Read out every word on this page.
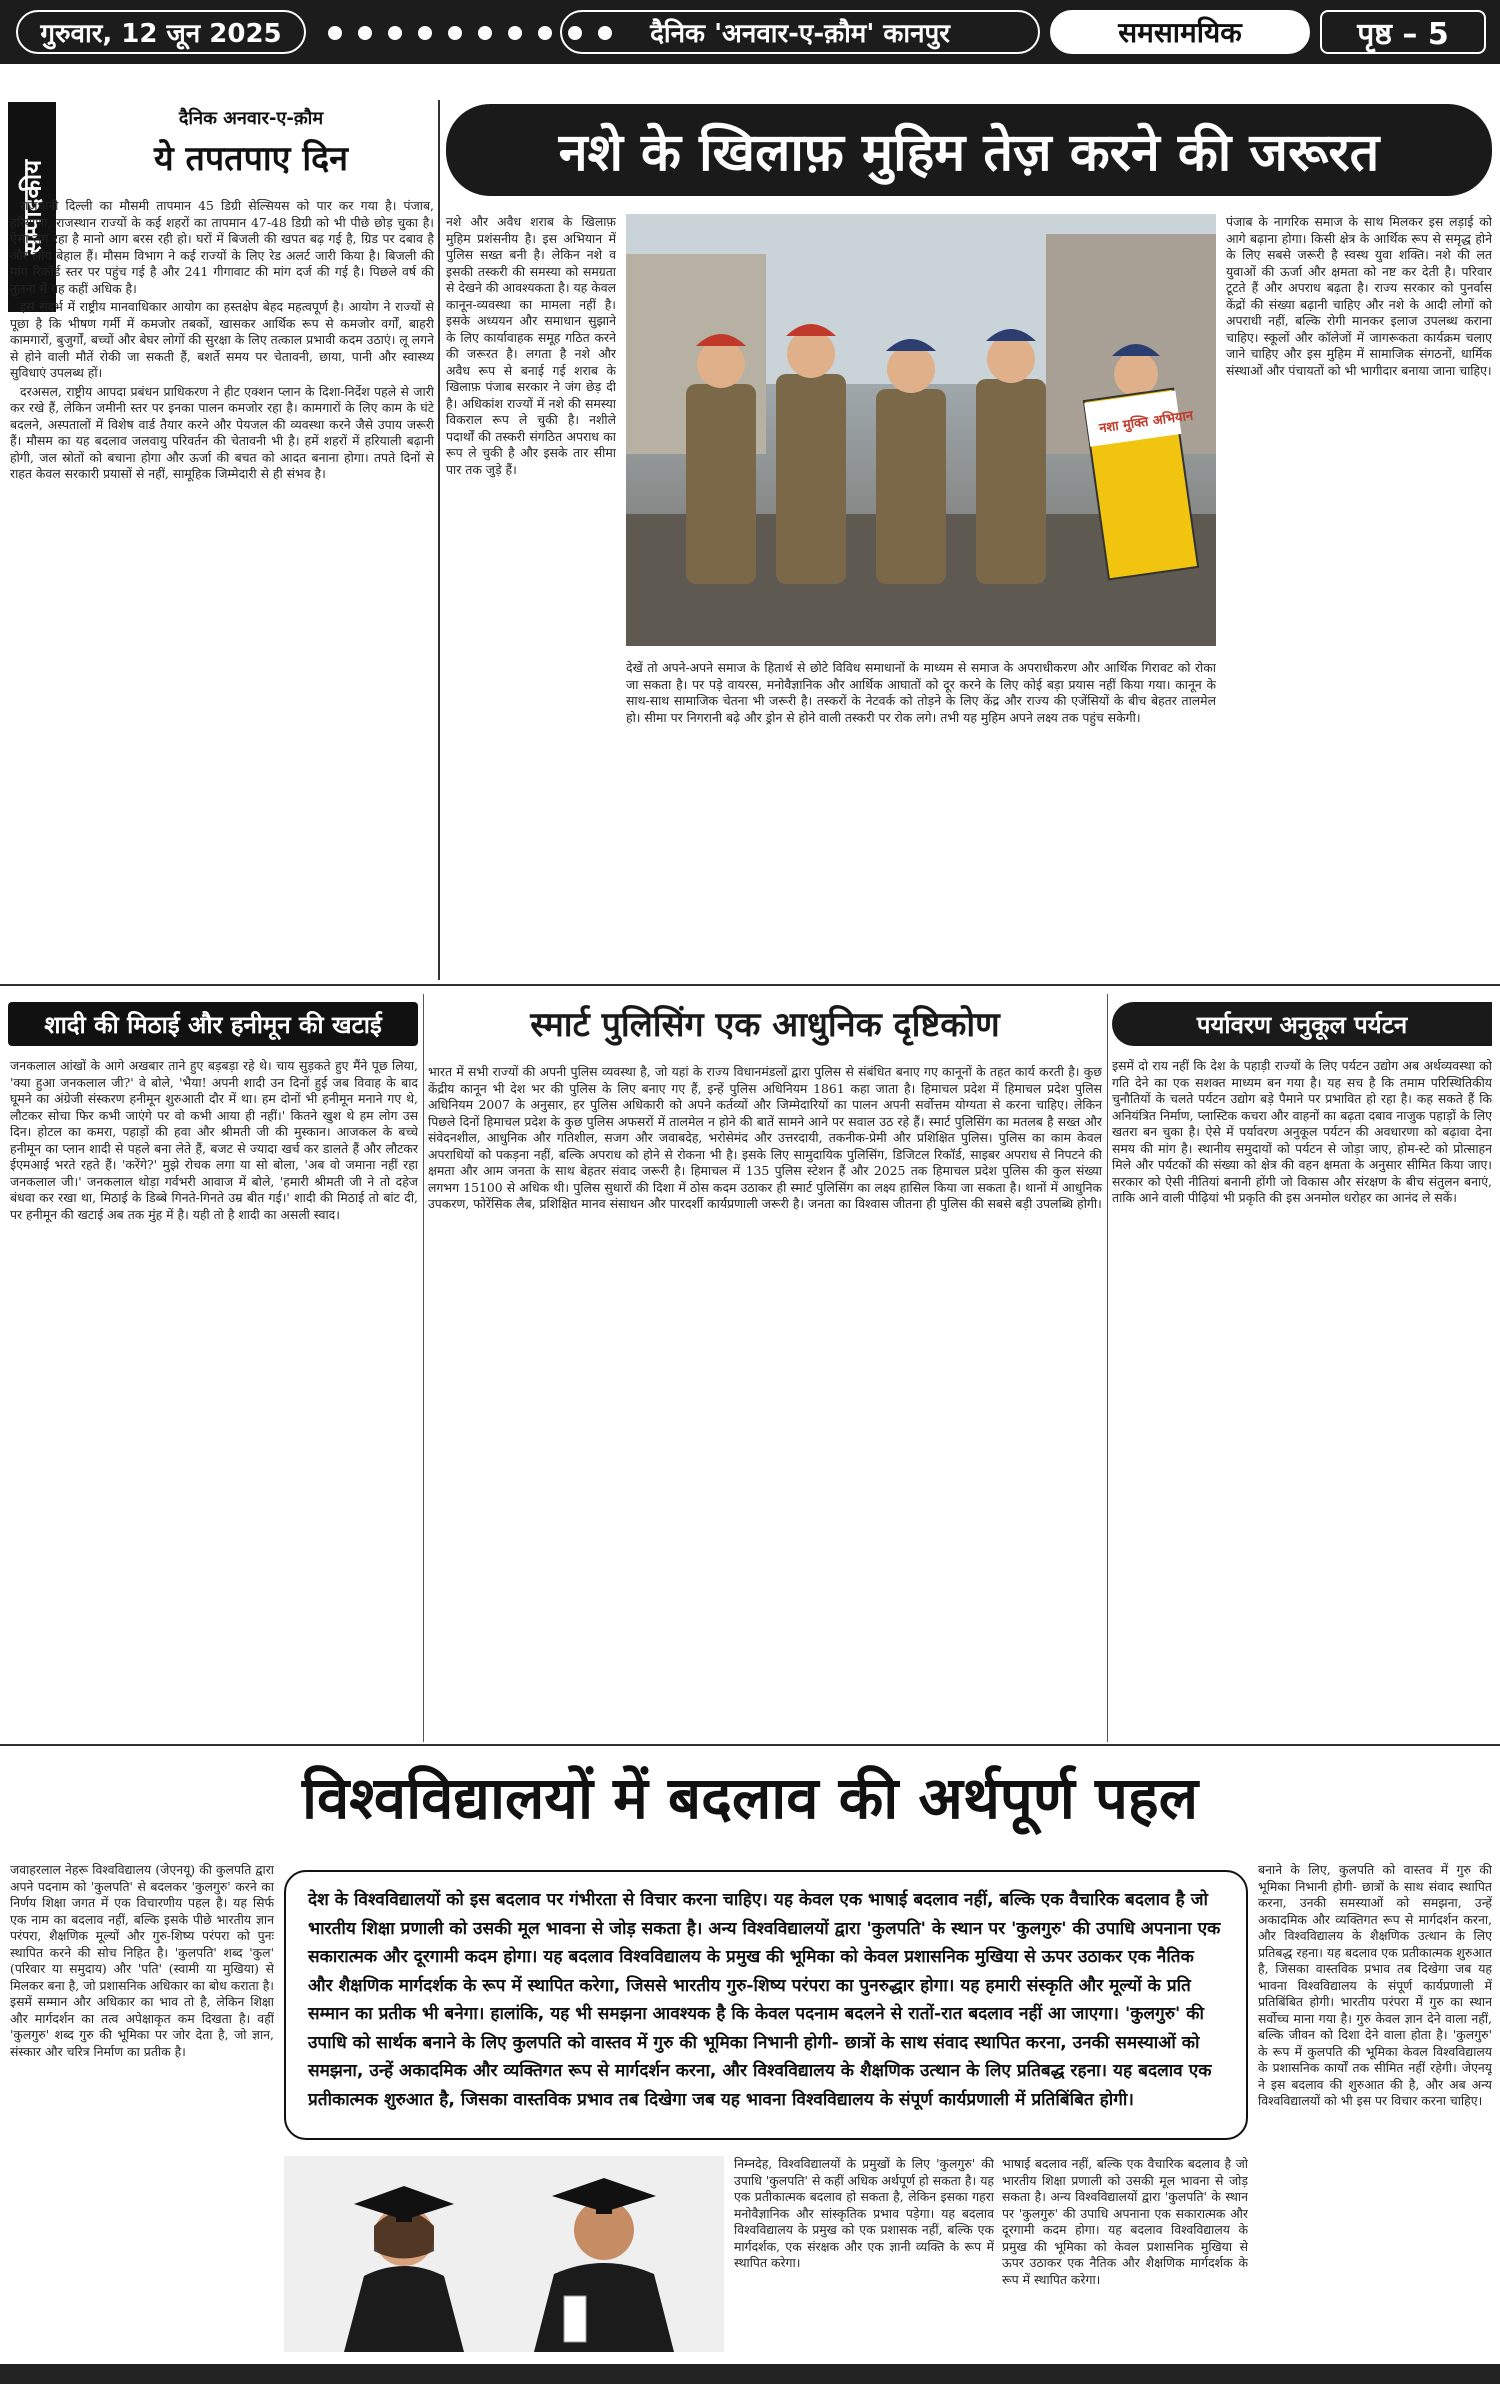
गुरुवार, 12 जून 2025	दैनिक 'अनवार-ए-क़ौम' कानपुर	समसामयिक	पृष्ठ – 5
सम्पादकीय
दैनिक अनवार-ए-क़ौम
ये तपतपाए दिन

राजधानी दिल्ली का मौसमी तापमान 45 डिग्री सेल्सियस को पार कर गया है। पंजाब, हरियाणा, राजस्थान राज्यों के कई शहरों का तापमान 47-48 डिग्री को भी पीछे छोड़ चुका है। ऐसा लग रहा है मानो आग बरस रही हो। घरों में बिजली की खपत बढ़ गई है, ग्रिड पर दबाव है और लोग बेहाल हैं। मौसम विभाग ने कई राज्यों के लिए रेड अलर्ट जारी किया है। बिजली की मांग रिकॉर्ड स्तर पर पहुंच गई है और 241 गीगावाट की मांग दर्ज की गई है। पिछले वर्ष की तुलना में यह कहीं अधिक है।

इस संदर्भ में राष्ट्रीय मानवाधिकार आयोग का हस्तक्षेप बेहद महत्वपूर्ण है। आयोग ने राज्यों से पूछा है कि भीषण गर्मी में कमजोर तबकों, खासकर आर्थिक रूप से कमजोर वर्गों, बाहरी कामगारों, बुजुर्गों, बच्चों और बेघर लोगों की सुरक्षा के लिए तत्काल प्रभावी कदम उठाएं। लू लगने से होने वाली मौतें रोकी जा सकती हैं, बशर्ते समय पर चेतावनी, छाया, पानी और स्वास्थ्य सुविधाएं उपलब्ध हों।

दरअसल, राष्ट्रीय आपदा प्रबंधन प्राधिकरण ने हीट एक्शन प्लान के दिशा-निर्देश पहले से जारी कर रखे हैं, लेकिन जमीनी स्तर पर इनका पालन कमजोर रहा है। कामगारों के लिए काम के घंटे बदलने, अस्पतालों में विशेष वार्ड तैयार करने और पेयजल की व्यवस्था करने जैसे उपाय जरूरी हैं। मौसम का यह बदलाव जलवायु परिवर्तन की चेतावनी भी है। हमें शहरों में हरियाली बढ़ानी होगी, जल स्रोतों को बचाना होगा और ऊर्जा की बचत को आदत बनाना होगा। तपते दिनों से राहत केवल सरकारी प्रयासों से नहीं, सामूहिक जिम्मेदारी से ही संभव है।

नशे के खिलाफ़ मुहिम तेज़ करने की जरूरत
नशे और अवैध शराब के खिलाफ़ मुहिम प्रशंसनीय है। इस अभियान में पुलिस सख्त बनी है। लेकिन नशे व इसकी तस्करी की समस्या को समग्रता से देखने की आवश्यकता है। यह केवल कानून-व्यवस्था का मामला नहीं है। इसके अध्ययन और समाधान सुझाने के लिए कार्यावाहक समूह गठित करने की जरूरत है। लगता है नशे और अवैध रूप से बनाई गई शराब के खिलाफ़ पंजाब सरकार ने जंग छेड़ दी है। अधिकांश राज्यों में नशे की समस्या विकराल रूप ले चुकी है। नशीले पदार्थों की तस्करी संगठित अपराध का रूप ले चुकी है और इसके तार सीमा पार तक जुड़े हैं।
नशा मुक्ति अभियान
पंजाब के नागरिक समाज के साथ मिलकर इस लड़ाई को आगे बढ़ाना होगा। किसी क्षेत्र के आर्थिक रूप से समृद्ध होने के लिए सबसे जरूरी है स्वस्थ युवा शक्ति। नशे की लत युवाओं की ऊर्जा और क्षमता को नष्ट कर देती है। परिवार टूटते हैं और अपराध बढ़ता है। राज्य सरकार को पुनर्वास केंद्रों की संख्या बढ़ानी चाहिए और नशे के आदी लोगों को अपराधी नहीं, बल्कि रोगी मानकर इलाज उपलब्ध कराना चाहिए। स्कूलों और कॉलेजों में जागरूकता कार्यक्रम चलाए जाने चाहिए और इस मुहिम में सामाजिक संगठनों, धार्मिक संस्थाओं और पंचायतों को भी भागीदार बनाया जाना चाहिए।
देखें तो अपने-अपने समाज के हितार्थ से छोटे विविध समाधानों के माध्यम से समाज के अपराधीकरण और आर्थिक गिरावट को रोका जा सकता है। पर पड़े वायरस, मनोवैज्ञानिक और आर्थिक आघातों को दूर करने के लिए कोई बड़ा प्रयास नहीं किया गया। कानून के साथ-साथ सामाजिक चेतना भी जरूरी है। तस्करों के नेटवर्क को तोड़ने के लिए केंद्र और राज्य की एजेंसियों के बीच बेहतर तालमेल हो। सीमा पर निगरानी बढ़े और ड्रोन से होने वाली तस्करी पर रोक लगे। तभी यह मुहिम अपने लक्ष्य तक पहुंच सकेगी।
शादी की मिठाई और हनीमून की खटाई
जनकलाल आंखों के आगे अखबार ताने हुए बड़बड़ा रहे थे। चाय सुड़कते हुए मैंने पूछ लिया, 'क्या हुआ जनकलाल जी?' वे बोले, 'भैया! अपनी शादी उन दिनों हुई जब विवाह के बाद घूमने का अंग्रेजी संस्करण हनीमून शुरुआती दौर में था। हम दोनों भी हनीमून मनाने गए थे, लौटकर सोचा फिर कभी जाएंगे पर वो कभी आया ही नहीं।' कितने खुश थे हम लोग उस दिन। होटल का कमरा, पहाड़ों की हवा और श्रीमती जी की मुस्कान। आजकल के बच्चे हनीमून का प्लान शादी से पहले बना लेते हैं, बजट से ज्यादा खर्च कर डालते हैं और लौटकर ईएमआई भरते रहते हैं। 'करेंगे?' मुझे रोचक लगा या सो बोला, 'अब वो जमाना नहीं रहा जनकलाल जी।' जनकलाल थोड़ा गर्वभरी आवाज में बोले, 'हमारी श्रीमती जी ने तो दहेज बंधवा कर रखा था, मिठाई के डिब्बे गिनते-गिनते उम्र बीत गई।' शादी की मिठाई तो बांट दी, पर हनीमून की खटाई अब तक मुंह में है। यही तो है शादी का असली स्वाद।
स्मार्ट पुलिसिंग एक आधुनिक दृष्टिकोण
भारत में सभी राज्यों की अपनी पुलिस व्यवस्था है, जो यहां के राज्य विधानमंडलों द्वारा पुलिस से संबंधित बनाए गए कानूनों के तहत कार्य करती है। कुछ केंद्रीय कानून भी देश भर की पुलिस के लिए बनाए गए हैं, इन्हें पुलिस अधिनियम 1861 कहा जाता है। हिमाचल प्रदेश में हिमाचल प्रदेश पुलिस अधिनियम 2007 के अनुसार, हर पुलिस अधिकारी को अपने कर्तव्यों और जिम्मेदारियों का पालन अपनी सर्वोत्तम योग्यता से करना चाहिए। लेकिन पिछले दिनों हिमाचल प्रदेश के कुछ पुलिस अफसरों में तालमेल न होने की बातें सामने आने पर सवाल उठ रहे हैं। स्मार्ट पुलिसिंग का मतलब है सख्त और संवेदनशील, आधुनिक और गतिशील, सजग और जवाबदेह, भरोसेमंद और उत्तरदायी, तकनीक-प्रेमी और प्रशिक्षित पुलिस। पुलिस का काम केवल अपराधियों को पकड़ना नहीं, बल्कि अपराध को होने से रोकना भी है। इसके लिए सामुदायिक पुलिसिंग, डिजिटल रिकॉर्ड, साइबर अपराध से निपटने की क्षमता और आम जनता के साथ बेहतर संवाद जरूरी है। हिमाचल में 135 पुलिस स्टेशन हैं और 2025 तक हिमाचल प्रदेश पुलिस की कुल संख्या लगभग 15100 से अधिक थी। पुलिस सुधारों की दिशा में ठोस कदम उठाकर ही स्मार्ट पुलिसिंग का लक्ष्य हासिल किया जा सकता है। थानों में आधुनिक उपकरण, फोरेंसिक लैब, प्रशिक्षित मानव संसाधन और पारदर्शी कार्यप्रणाली जरूरी है। जनता का विश्वास जीतना ही पुलिस की सबसे बड़ी उपलब्धि होगी।
पर्यावरण अनुकूल पर्यटन
इसमें दो राय नहीं कि देश के पहाड़ी राज्यों के लिए पर्यटन उद्योग अब अर्थव्यवस्था को गति देने का एक सशक्त माध्यम बन गया है। यह सच है कि तमाम परिस्थितिकीय चुनौतियों के चलते पर्यटन उद्योग बड़े पैमाने पर प्रभावित हो रहा है। कह सकते हैं कि अनियंत्रित निर्माण, प्लास्टिक कचरा और वाहनों का बढ़ता दबाव नाजुक पहाड़ों के लिए खतरा बन चुका है। ऐसे में पर्यावरण अनुकूल पर्यटन की अवधारणा को बढ़ावा देना समय की मांग है। स्थानीय समुदायों को पर्यटन से जोड़ा जाए, होम-स्टे को प्रोत्साहन मिले और पर्यटकों की संख्या को क्षेत्र की वहन क्षमता के अनुसार सीमित किया जाए। सरकार को ऐसी नीतियां बनानी होंगी जो विकास और संरक्षण के बीच संतुलन बनाएं, ताकि आने वाली पीढ़ियां भी प्रकृति की इस अनमोल धरोहर का आनंद ले सकें।
विश्वविद्यालयों में बदलाव की अर्थपूर्ण पहल
जवाहरलाल नेहरू विश्वविद्यालय (जेएनयू) की कुलपति द्वारा अपने पदनाम को 'कुलपति' से बदलकर 'कुलगुरु' करने का निर्णय शिक्षा जगत में एक विचारणीय पहल है। यह सिर्फ एक नाम का बदलाव नहीं, बल्कि इसके पीछे भारतीय ज्ञान परंपरा, शैक्षणिक मूल्यों और गुरु-शिष्य परंपरा को पुनः स्थापित करने की सोच निहित है। 'कुलपति' शब्द 'कुल' (परिवार या समुदाय) और 'पति' (स्वामी या मुखिया) से मिलकर बना है, जो प्रशासनिक अधिकार का बोध कराता है। इसमें सम्मान और अधिकार का भाव तो है, लेकिन शिक्षा और मार्गदर्शन का तत्व अपेक्षाकृत कम दिखता है। वहीं 'कुलगुरु' शब्द गुरु की भूमिका पर जोर देता है, जो ज्ञान, संस्कार और चरित्र निर्माण का प्रतीक है।
देश के विश्वविद्यालयों को इस बदलाव पर गंभीरता से विचार करना चाहिए। यह केवल एक भाषाई बदलाव नहीं, बल्कि एक वैचारिक बदलाव है जो भारतीय शिक्षा प्रणाली को उसकी मूल भावना से जोड़ सकता है। अन्य विश्वविद्यालयों द्वारा 'कुलपति' के स्थान पर 'कुलगुरु' की उपाधि अपनाना एक सकारात्मक और दूरगामी कदम होगा। यह बदलाव विश्वविद्यालय के प्रमुख की भूमिका को केवल प्रशासनिक मुखिया से ऊपर उठाकर एक नैतिक और शैक्षणिक मार्गदर्शक के रूप में स्थापित करेगा, जिससे भारतीय गुरु-शिष्य परंपरा का पुनरुद्धार होगा। यह हमारी संस्कृति और मूल्यों के प्रति सम्मान का प्रतीक भी बनेगा। हालांकि, यह भी समझना आवश्यक है कि केवल पदनाम बदलने से रातों-रात बदलाव नहीं आ जाएगा। 'कुलगुरु' की उपाधि को सार्थक बनाने के लिए कुलपति को वास्तव में गुरु की भूमिका निभानी होगी- छात्रों के साथ संवाद स्थापित करना, उनकी समस्याओं को समझना, उन्हें अकादमिक और व्यक्तिगत रूप से मार्गदर्शन करना, और विश्वविद्यालय के शैक्षणिक उत्थान के लिए प्रतिबद्ध रहना। यह बदलाव एक प्रतीकात्मक शुरुआत है, जिसका वास्तविक प्रभाव तब दिखेगा जब यह भावना विश्वविद्यालय के संपूर्ण कार्यप्रणाली में प्रतिबिंबित होगी।
बनाने के लिए, कुलपति को वास्तव में गुरु की भूमिका निभानी होगी- छात्रों के साथ संवाद स्थापित करना, उनकी समस्याओं को समझना, उन्हें अकादमिक और व्यक्तिगत रूप से मार्गदर्शन करना, और विश्वविद्यालय के शैक्षणिक उत्थान के लिए प्रतिबद्ध रहना। यह बदलाव एक प्रतीकात्मक शुरुआत है, जिसका वास्तविक प्रभाव तब दिखेगा जब यह भावना विश्वविद्यालय के संपूर्ण कार्यप्रणाली में प्रतिबिंबित होगी। भारतीय परंपरा में गुरु का स्थान सर्वोच्च माना गया है। गुरु केवल ज्ञान देने वाला नहीं, बल्कि जीवन को दिशा देने वाला होता है। 'कुलगुरु' के रूप में कुलपति की भूमिका केवल विश्वविद्यालय के प्रशासनिक कार्यों तक सीमित नहीं रहेगी। जेएनयू ने इस बदलाव की शुरुआत की है, और अब अन्य विश्वविद्यालयों को भी इस पर विचार करना चाहिए।
निम्नदेह, विश्वविद्यालयों के प्रमुखों के लिए 'कुलगुरु' की उपाधि 'कुलपति' से कहीं अधिक अर्थपूर्ण हो सकता है। यह एक प्रतीकात्मक बदलाव हो सकता है, लेकिन इसका गहरा मनोवैज्ञानिक और सांस्कृतिक प्रभाव पड़ेगा। यह बदलाव विश्वविद्यालय के प्रमुख को एक प्रशासक नहीं, बल्कि एक मार्गदर्शक, एक संरक्षक और एक ज्ञानी व्यक्ति के रूप में स्थापित करेगा।
भाषाई बदलाव नहीं, बल्कि एक वैचारिक बदलाव है जो भारतीय शिक्षा प्रणाली को उसकी मूल भावना से जोड़ सकता है। अन्य विश्वविद्यालयों द्वारा 'कुलपति' के स्थान पर 'कुलगुरु' की उपाधि अपनाना एक सकारात्मक और दूरगामी कदम होगा। यह बदलाव विश्वविद्यालय के प्रमुख की भूमिका को केवल प्रशासनिक मुखिया से ऊपर उठाकर एक नैतिक और शैक्षणिक मार्गदर्शक के रूप में स्थापित करेगा।
